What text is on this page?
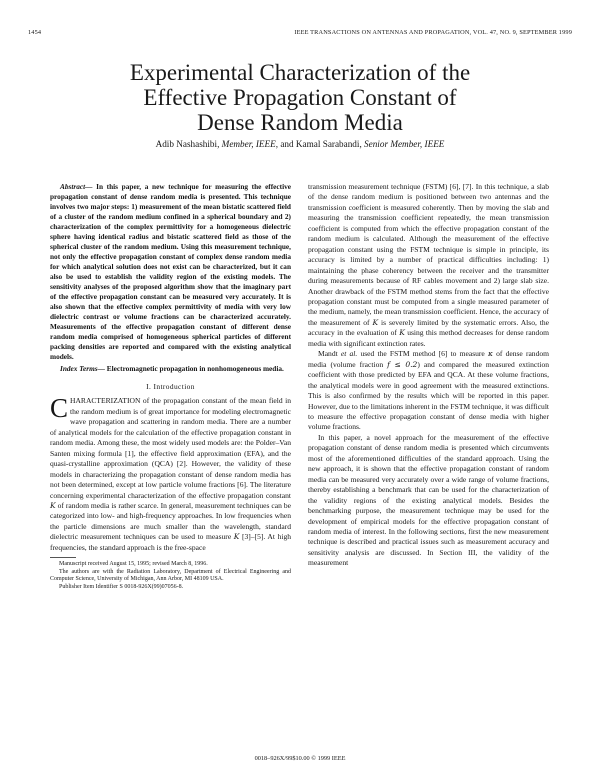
1454	IEEE TRANSACTIONS ON ANTENNAS AND PROPAGATION, VOL. 47, NO. 9, SEPTEMBER 1999
Experimental Characterization of the
Effective Propagation Constant of
Dense Random Media
Adib Nashashibi, Member, IEEE, and Kamal Sarabandi, Senior Member, IEEE

Abstract— In this paper, a new technique for measuring the effective propagation constant of dense random media is presented. This technique involves two major steps: 1) measurement of the mean bistatic scattered field of a cluster of the random medium confined in a spherical boundary and 2) characterization of the complex permittivity for a homogeneous dielectric sphere having identical radius and bistatic scattered field as those of the spherical cluster of the random medium. Using this measurement technique, not only the effective propagation constant of complex dense random media for which analytical solution does not exist can be characterized, but it can also be used to establish the validity region of the existing models. The sensitivity analyses of the proposed algorithm show that the imaginary part of the effective propagation constant can be measured very accurately. It is also shown that the effective complex permittivity of media with very low dielectric contrast or volume fractions can be characterized accurately. Measurements of the effective propagation constant of different dense random media comprised of homogeneous spherical particles of different packing densities are reported and compared with the existing analytical models.

Index Terms— Electromagnetic propagation in nonhomogeneous media.

I. Introduction

CHARACTERIZATION of the propagation constant of the mean field in the random medium is of great importance for modeling electromagnetic wave propagation and scattering in random media. There are a number of analytical models for the calculation of the effective propagation constant in random media. Among these, the most widely used models are: the Polder–Van Santen mixing formula [1], the effective field approximation (EFA), and the quasi-crystalline approximation (QCA) [2]. However, the validity of these models in characterizing the propagation constant of dense random media has not been determined, except at low particle volume fractions [6]. The literature concerning experimental characterization of the effective propagation constant K of random media is rather scarce. In general, measurement techniques can be categorized into low- and high-frequency approaches. In low frequencies when the particle dimensions are much smaller than the wavelength, standard dielectric measurement techniques can be used to measure K [3]–[5]. At high frequencies, the standard approach is the free-space

Manuscript received August 15, 1995; revised March 8, 1996.

The authors are with the Radiation Laboratory, Department of Electrical Engineering and Computer Science, University of Michigan, Ann Arbor, MI 48109 USA.

Publisher Item Identifier S 0018-926X(99)07056-8.

transmission measurement technique (FSTM) [6], [7]. In this technique, a slab of the dense random medium is positioned between two antennas and the transmission coefficient is measured coherently. Then by moving the slab and measuring the transmission coefficient repeatedly, the mean transmission coefficient is computed from which the effective propagation constant of the random medium is calculated. Although the measurement of the effective propagation constant using the FSTM technique is simple in principle, its accuracy is limited by a number of practical difficulties including: 1) maintaining the phase coherency between the receiver and the transmitter during measurements because of RF cables movement and 2) large slab size. Another drawback of the FSTM method stems from the fact that the effective propagation constant must be computed from a single measured parameter of the medium, namely, the mean transmission coefficient. Hence, the accuracy of the measurement of K is severely limited by the systematic errors. Also, the accuracy in the evaluation of K using this method decreases for dense random media with significant extinction rates.

Mandt et al. used the FSTM method [6] to measure κ of dense random media (volume fraction f ≤ 0.2) and compared the measured extinction coefficient with those predicted by EFA and QCA. At these volume fractions, the analytical models were in good agreement with the measured extinctions. This is also confirmed by the results which will be reported in this paper. However, due to the limitations inherent in the FSTM technique, it was difficult to measure the effective propagation constant of dense media with higher volume fractions.

In this paper, a novel approach for the measurement of the effective propagation constant of dense random media is presented which circumvents most of the aforementioned difficulties of the standard approach. Using the new approach, it is shown that the effective propagation constant of random media can be measured very accurately over a wide range of volume fractions, thereby establishing a benchmark that can be used for the characterization of the validity regions of the existing analytical models. Besides the benchmarking purpose, the measurement technique may be used for the development of empirical models for the effective propagation constant of random media of interest. In the following sections, first the new measurement technique is described and practical issues such as measurement accuracy and sensitivity analysis are discussed. In Section III, the validity of the measurement

0018–926X/99$10.00 © 1999 IEEE
